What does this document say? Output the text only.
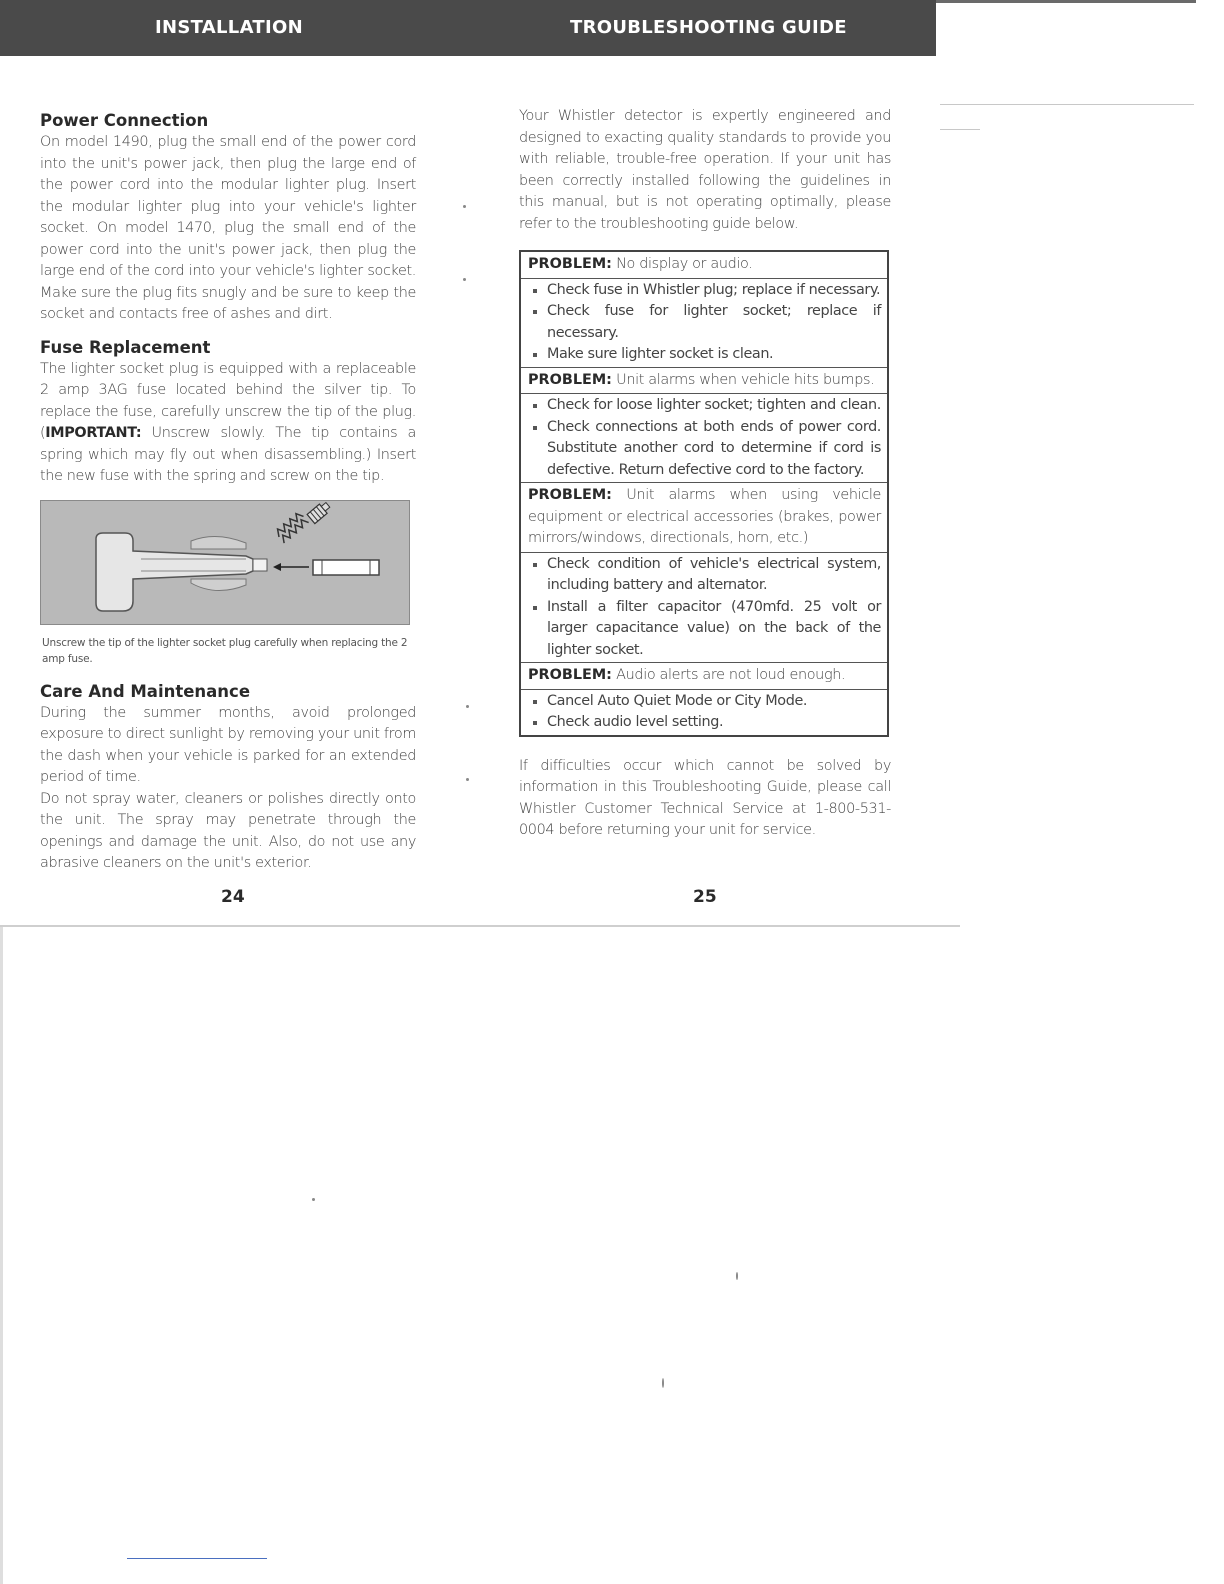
INSTALLATION	TROUBLESHOOTING GUIDE
Power Connection

On model 1490, plug the small end of the power cord into the unit's power jack, then plug the large end of the power cord into the modular lighter plug. Insert the modular lighter plug into your vehicle's lighter socket. On model 1470, plug the small end of the power cord into the unit's power jack, then plug the large end of the cord into your vehicle's lighter socket. Make sure the plug fits snugly and be sure to keep the socket and contacts free of ashes and dirt.

Fuse Replacement

The lighter socket plug is equipped with a replaceable 2 amp 3AG fuse located behind the silver tip. To replace the fuse, carefully unscrew the tip of the plug. (IMPORTANT: Unscrew slowly. The tip contains a spring which may fly out when disassembling.) Insert the new fuse with the spring and screw on the tip.

Unscrew the tip of the lighter socket plug carefully when replacing the 2 amp fuse.
Care And Maintenance

During the summer months, avoid prolonged exposure to direct sunlight by removing your unit from the dash when your vehicle is parked for an extended period of time.

Do not spray water, cleaners or polishes directly onto the unit. The spray may penetrate through the openings and damage the unit. Also, do not use any abrasive cleaners on the unit's exterior.

24

Your Whistler detector is expertly engineered and designed to exacting quality standards to provide you with reliable, trouble-free operation. If your unit has been correctly installed following the guidelines in this manual, but is not operating optimally, please refer to the troubleshooting guide below.

PROBLEM: No display or audio.
Check fuse in Whistler plug; replace if necessary.
Check fuse for lighter socket; replace if necessary.
Make sure lighter socket is clean.
PROBLEM: Unit alarms when vehicle hits bumps.
Check for loose lighter socket; tighten and clean.
Check connections at both ends of power cord. Substitute another cord to determine if cord is defective. Return defective cord to the factory.
PROBLEM: Unit alarms when using vehicle equipment or electrical accessories (brakes, power mirrors/windows, directionals, horn, etc.)
Check condition of vehicle's electrical system, including battery and alternator.
Install a filter capacitor (470mfd. 25 volt or larger capacitance value) on the back of the lighter socket.
PROBLEM: Audio alerts are not loud enough.
Cancel Auto Quiet Mode or City Mode.
Check audio level setting.

If difficulties occur which cannot be solved by information in this Troubleshooting Guide, please call Whistler Customer Technical Service at 1-800-531-0004 before returning your unit for service.

25
